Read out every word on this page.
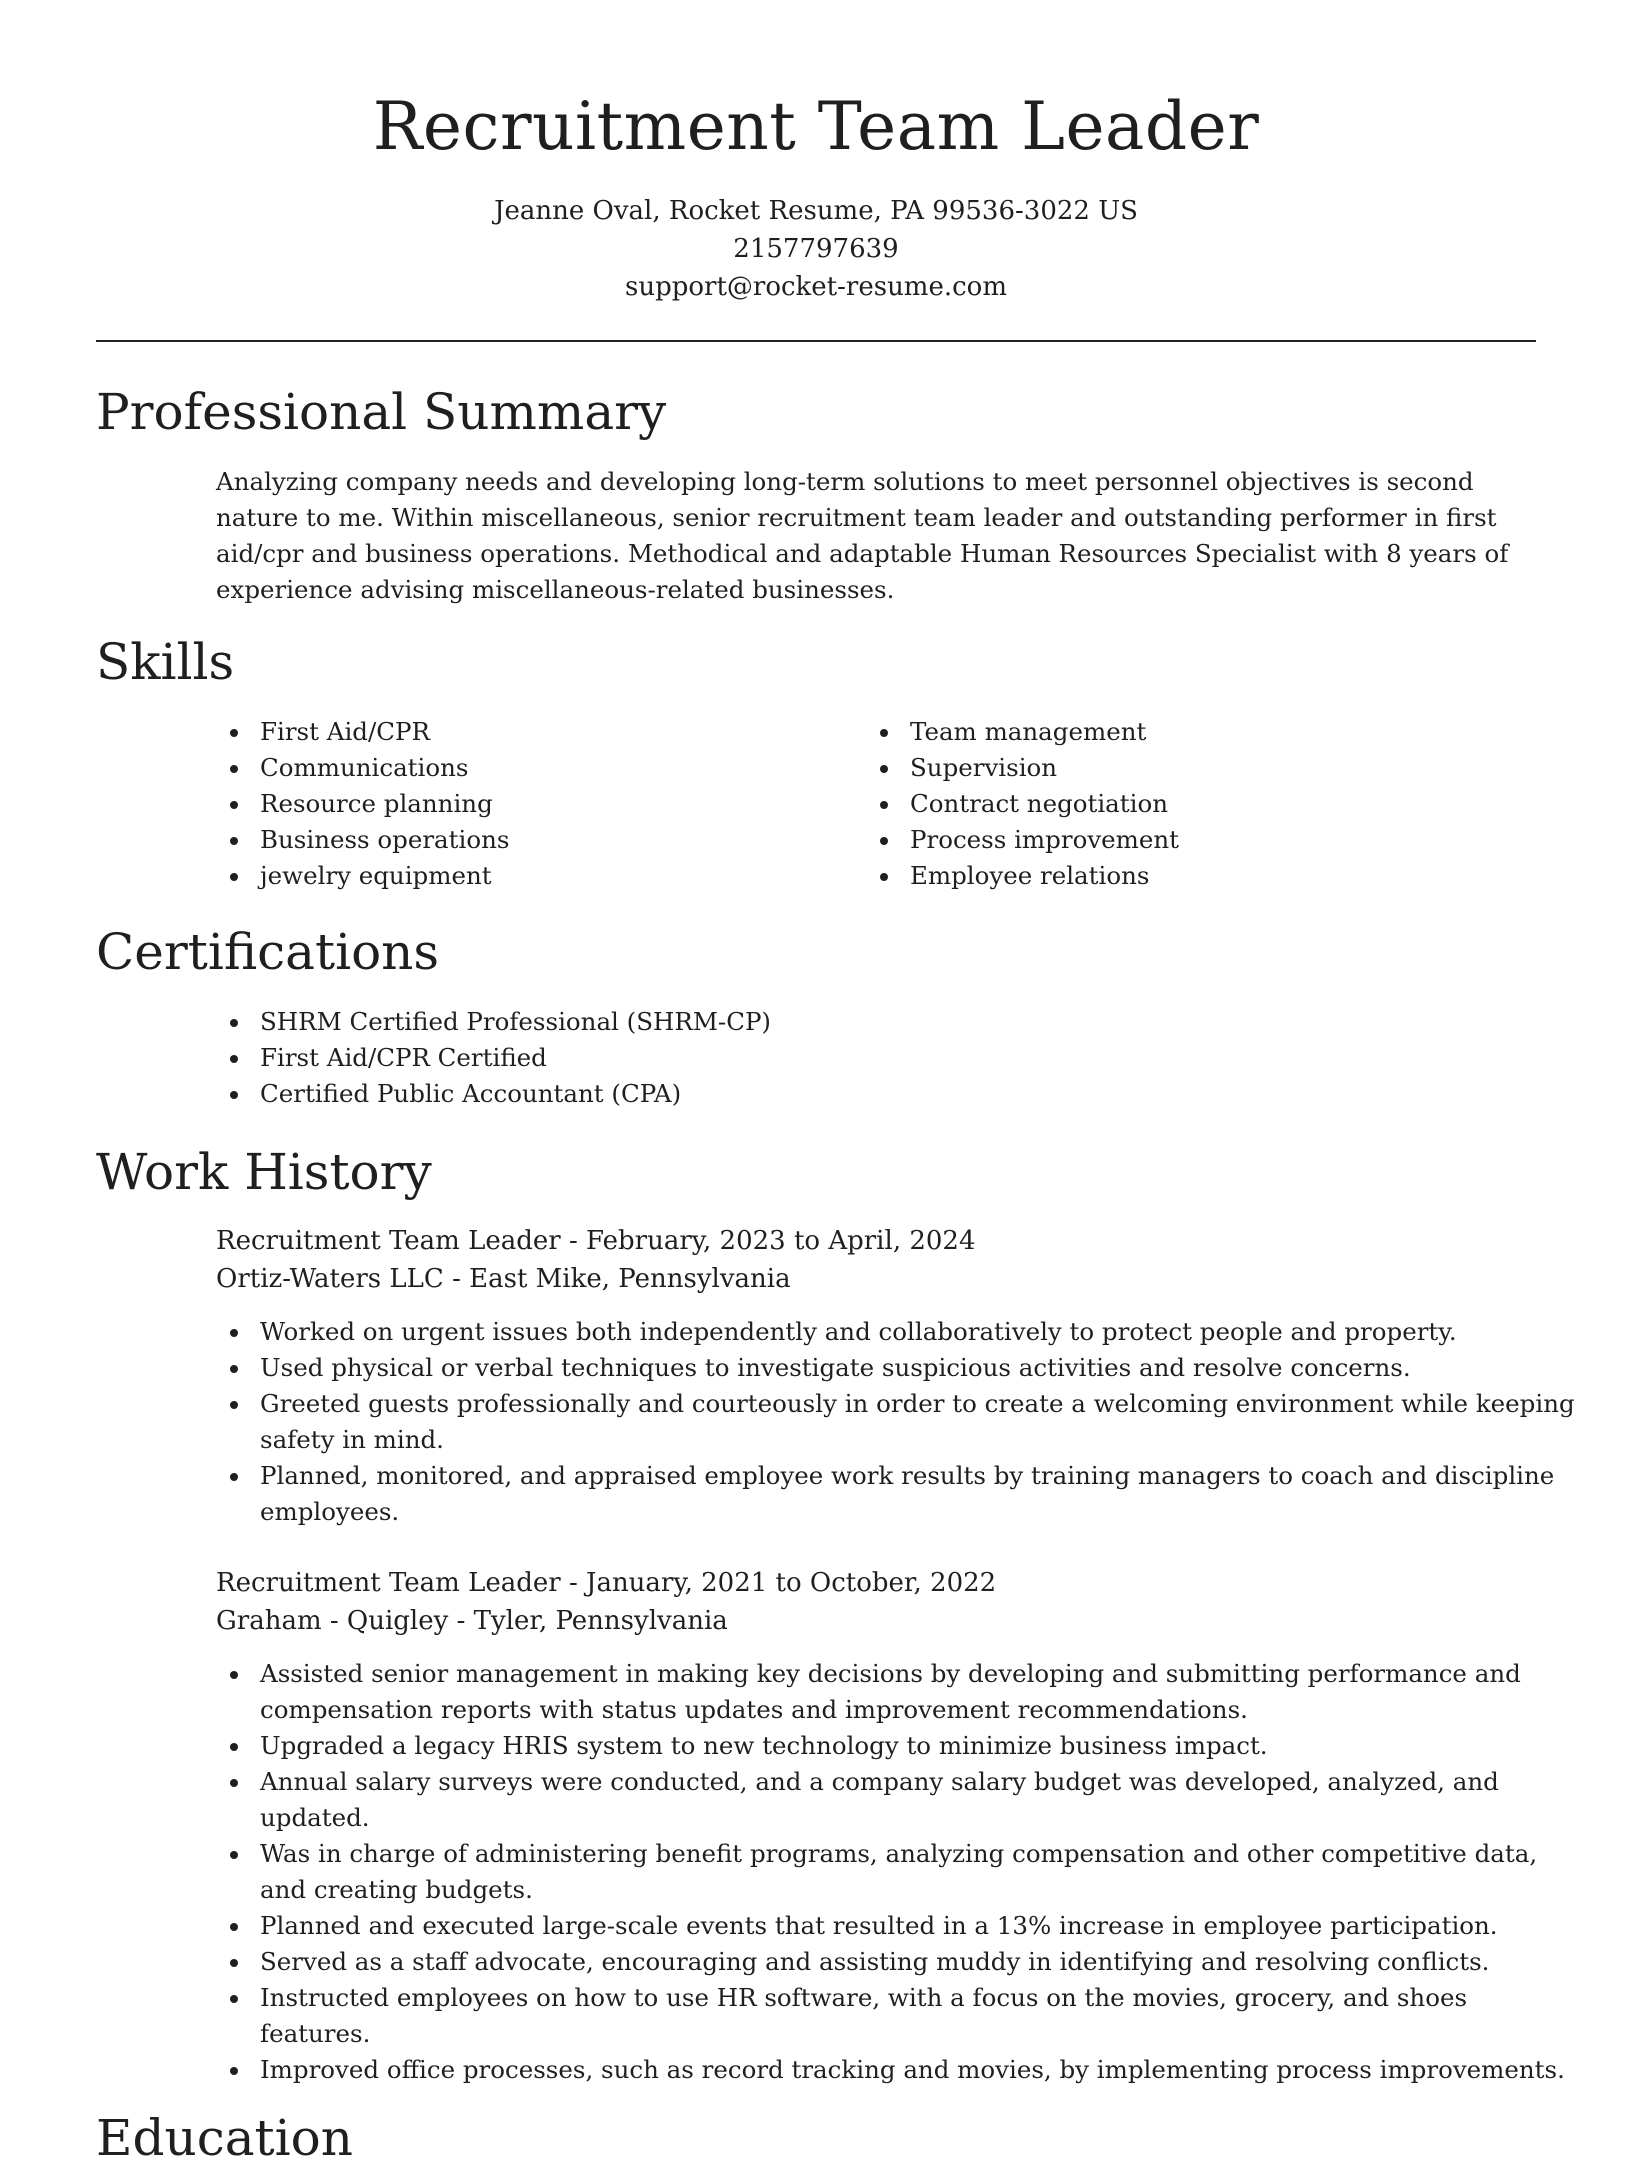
Recruitment Team Leader
Jeanne Oval, Rocket Resume, PA 99536-3022 US
2157797639
support@rocket-resume.com
Professional Summary

Analyzing company needs and developing long-term solutions to meet personnel objectives is second nature to me. Within miscellaneous, senior recruitment team leader and outstanding performer in first aid/cpr and business operations. Methodical and adaptable Human Resources Specialist with 8 years of experience advising miscellaneous-related businesses.

Skills
First Aid/CPR
Communications
Resource planning
Business operations
jewelry equipment
Team management
Supervision
Contract negotiation
Process improvement
Employee relations
Certifications
SHRM Certified Professional (SHRM-CP)
First Aid/CPR Certified
Certified Public Accountant (CPA)
Work History
Recruitment Team Leader - February, 2023 to April, 2024
Ortiz-Waters LLC - East Mike, Pennsylvania
Worked on urgent issues both independently and collaboratively to protect people and property.
Used physical or verbal techniques to investigate suspicious activities and resolve concerns.
Greeted guests professionally and courteously in order to create a welcoming environment while keeping safety in mind.
Planned, monitored, and appraised employee work results by training managers to coach and discipline employees.
Recruitment Team Leader - January, 2021 to October, 2022
Graham - Quigley - Tyler, Pennsylvania
Assisted senior management in making key decisions by developing and submitting performance and compensation reports with status updates and improvement recommendations.
Upgraded a legacy HRIS system to new technology to minimize business impact.
Annual salary surveys were conducted, and a company salary budget was developed, analyzed, and updated.
Was in charge of administering benefit programs, analyzing compensation and other competitive data, and creating budgets.
Planned and executed large-scale events that resulted in a 13% increase in employee participation.
Served as a staff advocate, encouraging and assisting muddy in identifying and resolving conflicts.
Instructed employees on how to use HR software, with a focus on the movies, grocery, and shoes features.
Improved office processes, such as record tracking and movies, by implementing process improvements.
Education
